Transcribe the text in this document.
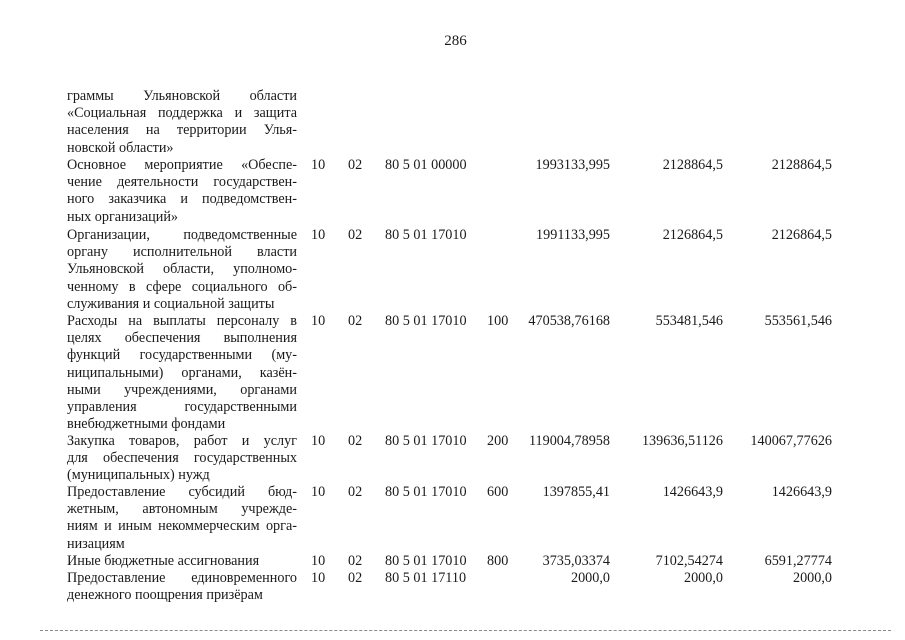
286
граммы Ульяновской области
«Социальная поддержка и защита
населения на территории Улья-
новской области»
Основное мероприятие «Обеспе-
чение деятельности государствен-
ного заказчика и подведомствен-
ных организаций»
10 02 80 5 01 00000	1993133,995	2128864,5	2128864,5
Организации, подведомственные
органу исполнительной власти
Ульяновской области, уполномо-
ченному в сфере социального об-
служивания и социальной защиты
10 02 80 5 01 17010	1991133,995	2126864,5	2126864,5
Расходы на выплаты персоналу в
целях обеспечения выполнения
функций государственными (му-
ниципальными) органами, казён-
ными учреждениями, органами
управления государственными
внебюджетными фондами
10 02 80 5 01 17010 100 470538,76168	553481,546	553561,546
Закупка товаров, работ и услуг
для обеспечения государственных
(муниципальных) нужд
10 02 80 5 01 17010 200 119004,78958 139636,51126 140067,77626
Предоставление субсидий бюд-
жетным, автономным учрежде-
ниям и иным некоммерческим орга-
низациям
10 02 80 5 01 17010 600 1397855,41	1426643,9	1426643,9
Иные бюджетные ассигнования	10 02 80 5 01 17010 800 3735,03374	7102,54274	6591,27774
Предоставление единовременного
денежного поощрения призёрам
10 02 80 5 01 17110	2000,0	2000,0	2000,0
